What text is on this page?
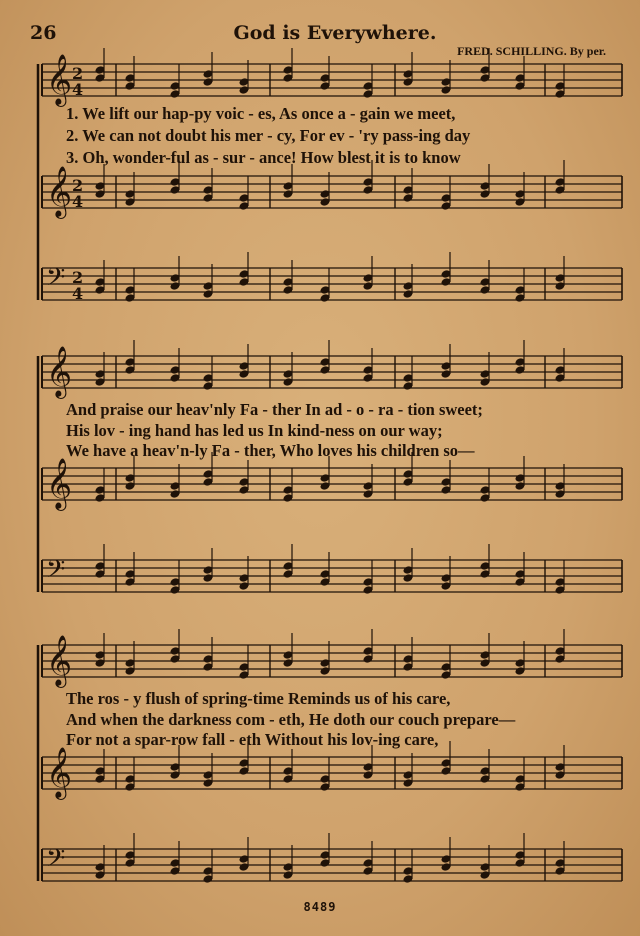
26	God is Everywhere.
FRED. SCHILLING. By per.
𝄞 2
4
𝄞 2
4
𝄢 2
4
𝄞
𝄞
𝄢
𝄞
𝄞
𝄢
1. We lift our hap-py voic - es, As once a - gain we meet,
2. We can not doubt his mer - cy, For ev - 'ry pass-ing day
3. Oh, wonder-ful as - sur - ance! How blest it is to know
And praise our heav'nly Fa - ther In ad - o - ra - tion sweet;
His lov - ing hand has led us In kind-ness on our way;
We have a heav'n-ly Fa - ther, Who loves his children so—
The ros - y flush of spring-time Reminds us of his care,
And when the darkness com - eth, He doth our couch prepare—
For not a spar-row fall - eth Without his lov-ing care,
8489
